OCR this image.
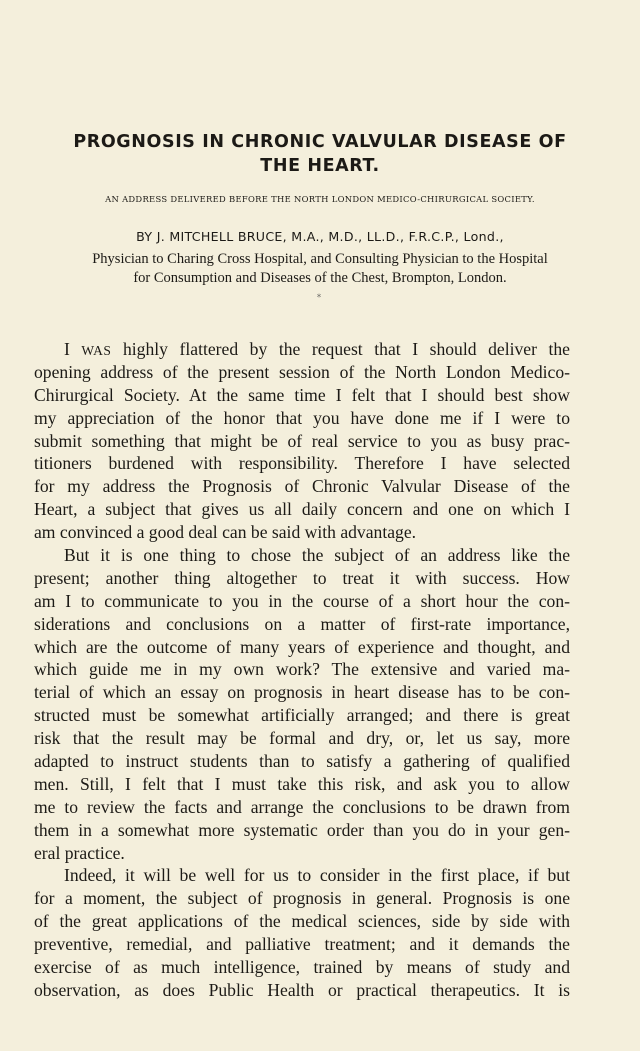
PROGNOSIS IN CHRONIC VALVULAR DISEASE OF
THE HEART.
AN ADDRESS DELIVERED BEFORE THE NORTH LONDON MEDICO-CHIRURGICAL SOCIETY.
BY J. MITCHELL BRUCE, M.A., M.D., LL.D., F.R.C.P., Lond.,
Physician to Charing Cross Hospital, and Consulting Physician to the Hospital
for Consumption and Diseases of the Chest, Brompton, London.
*
I WAS highly flattered by the request that I should deliver the
opening address of the present session of the North London Medico-
Chirurgical Society. At the same time I felt that I should best show
my appreciation of the honor that you have done me if I were to
submit something that might be of real service to you as busy prac-
titioners burdened with responsibility. Therefore I have selected
for my address the Prognosis of Chronic Valvular Disease of the
Heart, a subject that gives us all daily concern and one on which I
am convinced a good deal can be said with advantage.
But it is one thing to chose the subject of an address like the
present; another thing altogether to treat it with success. How
am I to communicate to you in the course of a short hour the con-
siderations and conclusions on a matter of first-rate importance,
which are the outcome of many years of experience and thought, and
which guide me in my own work? The extensive and varied ma-
terial of which an essay on prognosis in heart disease has to be con-
structed must be somewhat artificially arranged; and there is great
risk that the result may be formal and dry, or, let us say, more
adapted to instruct students than to satisfy a gathering of qualified
men. Still, I felt that I must take this risk, and ask you to allow
me to review the facts and arrange the conclusions to be drawn from
them in a somewhat more systematic order than you do in your gen-
eral practice.
Indeed, it will be well for us to consider in the first place, if but
for a moment, the subject of prognosis in general. Prognosis is one
of the great applications of the medical sciences, side by side with
preventive, remedial, and palliative treatment; and it demands the
exercise of as much intelligence, trained by means of study and
observation, as does Public Health or practical therapeutics. It is
